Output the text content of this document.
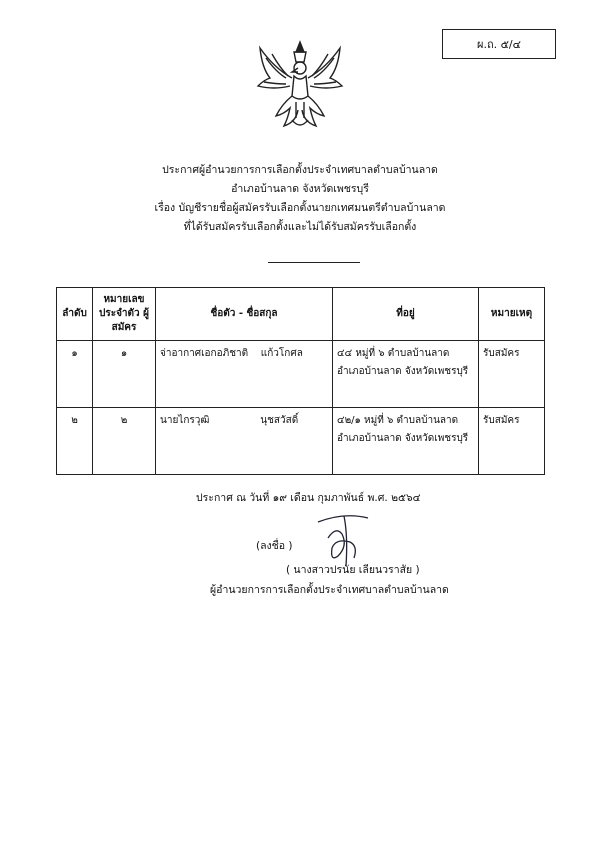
ผ.ถ. ๕/๔
ประกาศผู้อำนวยการการเลือกตั้งประจำเทศบาลตำบลบ้านลาด
อำเภอบ้านลาด จังหวัดเพชรบุรี
เรื่อง บัญชีรายชื่อผู้สมัครรับเลือกตั้งนายกเทศมนตรีตำบลบ้านลาด
ที่ได้รับสมัครรับเลือกตั้งและไม่ได้รับสมัครรับเลือกตั้ง
ลำดับ	หมายเลข ประจำตัว ผู้สมัคร	ชื่อตัว - ชื่อสกุล	ที่อยู่	หมายเหตุ
๑	๑	จ่าอากาศเอกอภิชาติ    แก้วโกศล	๔๔ หมู่ที่ ๖ ตำบลบ้านลาด
อำเภอบ้านลาด จังหวัดเพชรบุรี	รับสมัคร
๒	๒	นายไกรวุฒิ                นุชสวัสดิ์	๔๒/๑ หมู่ที่ ๖ ตำบลบ้านลาด
อำเภอบ้านลาด จังหวัดเพชรบุรี	รับสมัคร
ประกาศ ณ วันที่ ๑๙ เดือน กุมภาพันธ์ พ.ศ. ๒๕๖๔
(ลงชื่อ )
( นางสาวปรนัย เลียนวราสัย )
ผู้อำนวยการการเลือกตั้งประจำเทศบาลตำบลบ้านลาด
